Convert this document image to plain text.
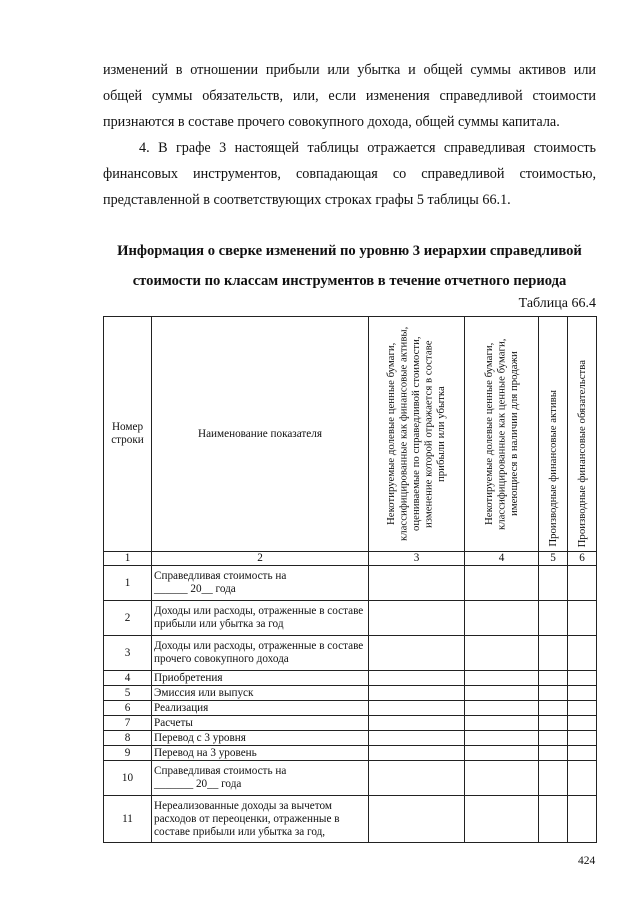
изменений в отношении прибыли или убытка и общей суммы активов или общей суммы обязательств, или, если изменения справедливой стоимости признаются в составе прочего совокупного дохода, общей суммы капитала.

4. В графе 3 настоящей таблицы отражается справедливая стоимость финансовых инструментов, совпадающая со справедливой стоимостью, представленной в соответствующих строках графы 5 таблицы 66.1.

Информация о сверке изменений по уровню 3 иерархии справедливой стоимости по классам инструментов в течение отчетного периода

Таблица 66.4

Номер строки	Наименование показателя	Некотируемые долевые ценные бумаги, классифицированные как финансовые активы, оцениваемые по справедливой стоимости, изменение которой отражается в составе прибыли или убытка	Некотируемые долевые ценные бумаги, классифицированные как ценные бумаги, имеющиеся в наличии для продажи	Производные финансовые активы	Производные финансовые обязательства

1	2	3	4	5	6
1	Справедливая стоимость на
______ 20__ года				
2	Доходы или расходы, отраженные в составе прибыли или убытка за год				
3	Доходы или расходы, отраженные в составе прочего совокупного дохода				
4	Приобретения				
5	Эмиссия или выпуск				
6	Реализация				
7	Расчеты				
8	Перевод с 3 уровня				
9	Перевод на 3 уровень				
10	Справедливая стоимость на
_______ 20__ года				
11	Нереализованные доходы за вычетом расходов от переоценки, отраженные в составе прибыли или убытка за год,				

424
